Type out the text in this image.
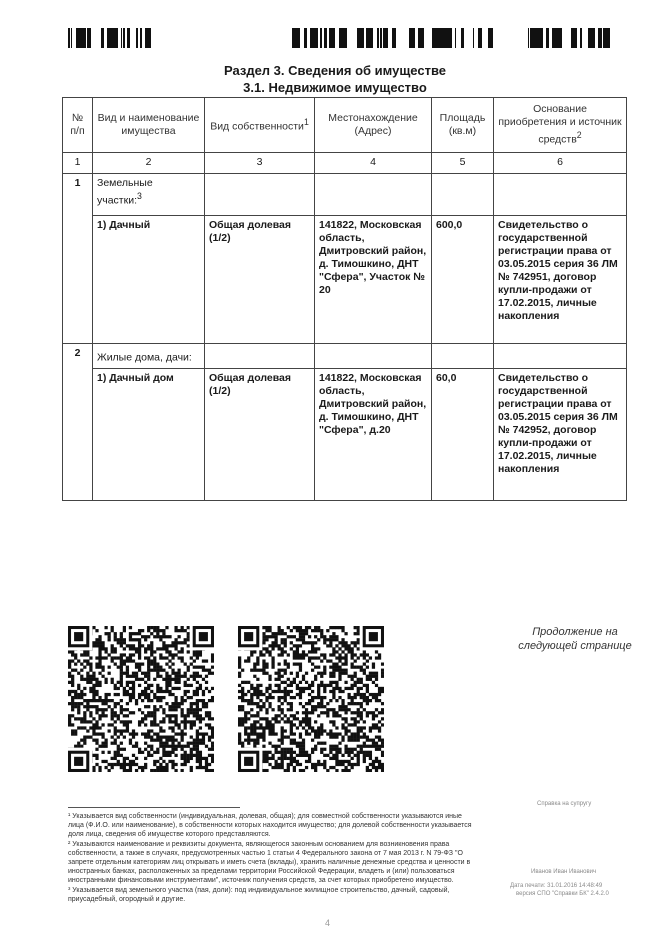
Раздел 3. Сведения об имуществе
3.1. Недвижимое имущество
№ п/п	Вид и наименование имущества	Вид собственности$^1$	Местонахождение (Адрес)	Площадь (кв.м)	Основание приобретения и источник средств$^2$
1	2	3	4	5	6
1	Земельные участки:$^3$				
	1) Дачный	Общая долевая (1/2)	141822, Московская область, Дмитровский район, д. Тимошкино, ДНТ "Сфера", Участок № 20	600,0	Свидетельство о государственной регистрации права от 03.05.2015 серия 36 ЛМ № 742951, договор купли-продажи от 17.02.2015, личные накопления
2	Жилые дома, дачи:				
	1) Дачный дом	Общая долевая (1/2)	141822, Московская область, Дмитровский район, д. Тимошкино, ДНТ "Сфера", д.20	60,0	Свидетельство о государственной регистрации права от 03.05.2015 серия 36 ЛМ № 742952, договор купли-продажи от 17.02.2015, личные накопления
Продолжение на следующей странице

¹ Указывается вид собственности (индивидуальная, долевая, общая); для совместной собственности указываются иные лица (Ф.И.О. или наименование), в собственности которых находится имущество; для долевой собственности указывается доля лица, сведения об имуществе которого представляются.

² Указываются наименование и реквизиты документа, являющегося законным основанием для возникновения права собственности, а также в случаях, предусмотренных частью 1 статьи 4 Федерального закона от 7 мая 2013 г. N 79-ФЗ "О запрете отдельным категориям лиц открывать и иметь счета (вклады), хранить наличные денежные средства и ценности в иностранных банках, расположенных за пределами территории Российской Федерации, владеть и (или) пользоваться иностранными финансовыми инструментами", источник получения средств, за счет которых приобретено имущество.

³ Указывается вид земельного участка (пая, доли): под индивидуальное жилищное строительство, дачный, садовый, приусадебный, огородный и другие.

Справка на супругу
Иванов Иван Иванович
Дата печати: 31.01.2016 14:48:49
версия СПО "Справки БК" 2.4.2.0
4
